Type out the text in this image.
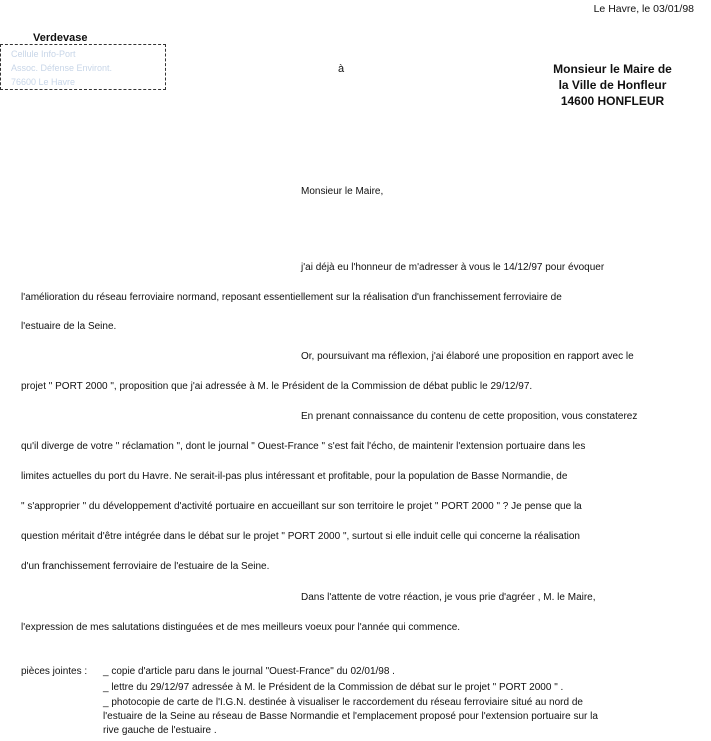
Le Havre, le 03/01/98
Verdevase
Cellule Info-Port
Assoc. Défense Environt.
76600 Le Havre
à	Monsieur le Maire de
la Ville de Honfleur
14600 HONFLEUR
Monsieur le Maire,
j'ai déjà eu l'honneur de m'adresser à vous le 14/12/97 pour évoquer
l'amélioration du réseau ferroviaire normand, reposant essentiellement sur la réalisation d'un franchissement ferroviaire de
l'estuaire de la Seine.
Or, poursuivant ma réflexion, j'ai élaboré une proposition en rapport avec le
projet " PORT 2000 ", proposition que j'ai adressée à M. le Président de la Commission de débat public le 29/12/97.
En prenant connaissance du contenu de cette proposition, vous constaterez
qu'il diverge de votre " réclamation ", dont le journal " Ouest-France " s'est fait l'écho, de maintenir l'extension portuaire dans les
limites actuelles du port du Havre. Ne serait-il-pas plus intéressant et profitable, pour la population de Basse Normandie, de
" s'approprier " du développement d'activité portuaire en accueillant sur son territoire le projet " PORT 2000 " ? Je pense que la
question méritait d'être intégrée dans le débat sur le projet " PORT 2000 ", surtout si elle induit celle qui concerne la réalisation
d'un franchissement ferroviaire de l'estuaire de la Seine.
Dans l'attente de votre réaction, je vous prie d'agréer , M. le Maire,
l'expression de mes salutations distinguées et de mes meilleurs voeux pour l'année qui commence.
pièces jointes : _ copie d'article paru dans le journal "Ouest-France" du 02/01/98 .
_ lettre du 29/12/97 adressée à M. le Président de la Commission de débat sur le projet " PORT 2000 " .
_ photocopie de carte de l'I.G.N. destinée à visualiser le raccordement du réseau ferroviaire situé au nord de
l'estuaire de la Seine au réseau de Basse Normandie et l'emplacement proposé pour l'extension portuaire sur la
rive gauche de l'estuaire .
